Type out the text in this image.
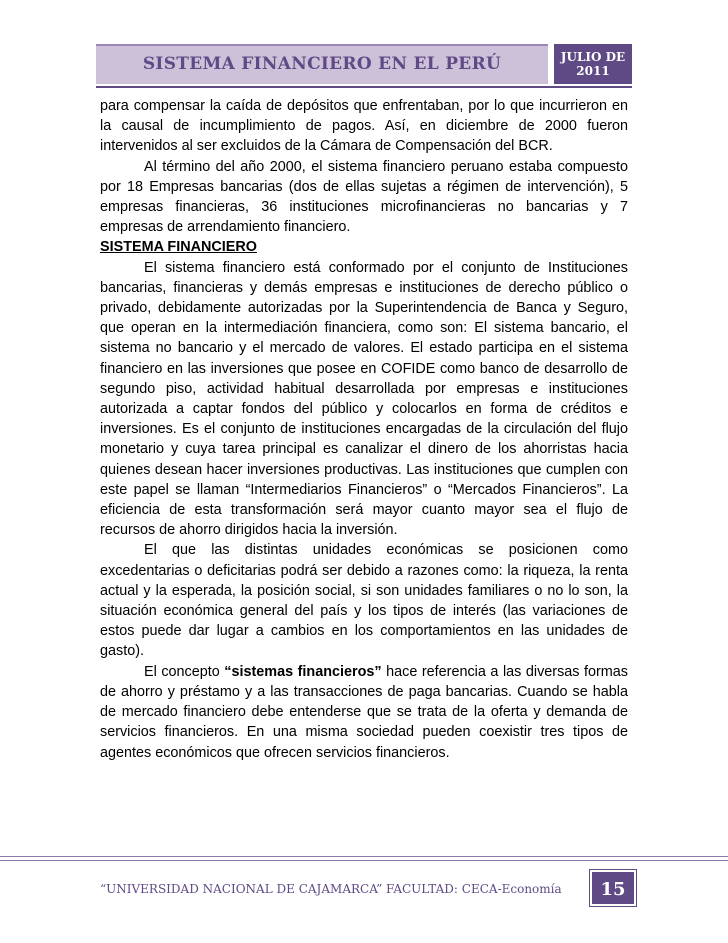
SISTEMA FINANCIERO EN EL PERÚ	JULIO DE
2011

para compensar la caída de depósitos que enfrentaban, por lo que incurrieron en la causal de incumplimiento de pagos. Así, en diciembre de 2000 fueron intervenidos al ser excluidos de la Cámara de Compensación del BCR.

Al término del año 2000, el sistema financiero peruano estaba compuesto por 18 Empresas bancarias (dos de ellas sujetas a régimen de intervención), 5 empresas financieras, 36 instituciones microfinancieras no bancarias y 7 empresas de arrendamiento financiero.

SISTEMA FINANCIERO

El sistema financiero está conformado por el conjunto de Instituciones bancarias, financieras y demás empresas e instituciones de derecho público o privado, debidamente autorizadas por la Superintendencia de Banca y Seguro, que operan en la intermediación financiera, como son: El sistema bancario, el sistema no bancario y el mercado de valores. El estado participa en el sistema financiero en las inversiones que posee en COFIDE como banco de desarrollo de segundo piso, actividad habitual desarrollada por empresas e instituciones autorizada a captar fondos del público y colocarlos en forma de créditos e inversiones. Es el conjunto de instituciones encargadas de la circulación del flujo monetario y cuya tarea principal es canalizar el dinero de los ahorristas hacia quienes desean hacer inversiones productivas. Las instituciones que cumplen con este papel se llaman “Intermediarios Financieros” o “Mercados Financieros”. La eficiencia de esta transformación será mayor cuanto mayor sea el flujo de recursos de ahorro dirigidos hacia la inversión.

El que las distintas unidades económicas se posicionen como excedentarias o deficitarias podrá ser debido a razones como: la riqueza, la renta actual y la esperada, la posición social, si son unidades familiares o no lo son, la situación económica general del país y los tipos de interés (las variaciones de estos puede dar lugar a cambios en los comportamientos en las unidades de gasto).

El concepto “sistemas financieros” hace referencia a las diversas formas de ahorro y préstamo y a las transacciones de paga bancarias. Cuando se habla de mercado financiero debe entenderse que se trata de la oferta y demanda de servicios financieros. En una misma sociedad pueden coexistir tres tipos de agentes económicos que ofrecen servicios financieros.

“UNIVERSIDAD NACIONAL DE CAJAMARCA” FACULTAD: CECA-Economía	15
